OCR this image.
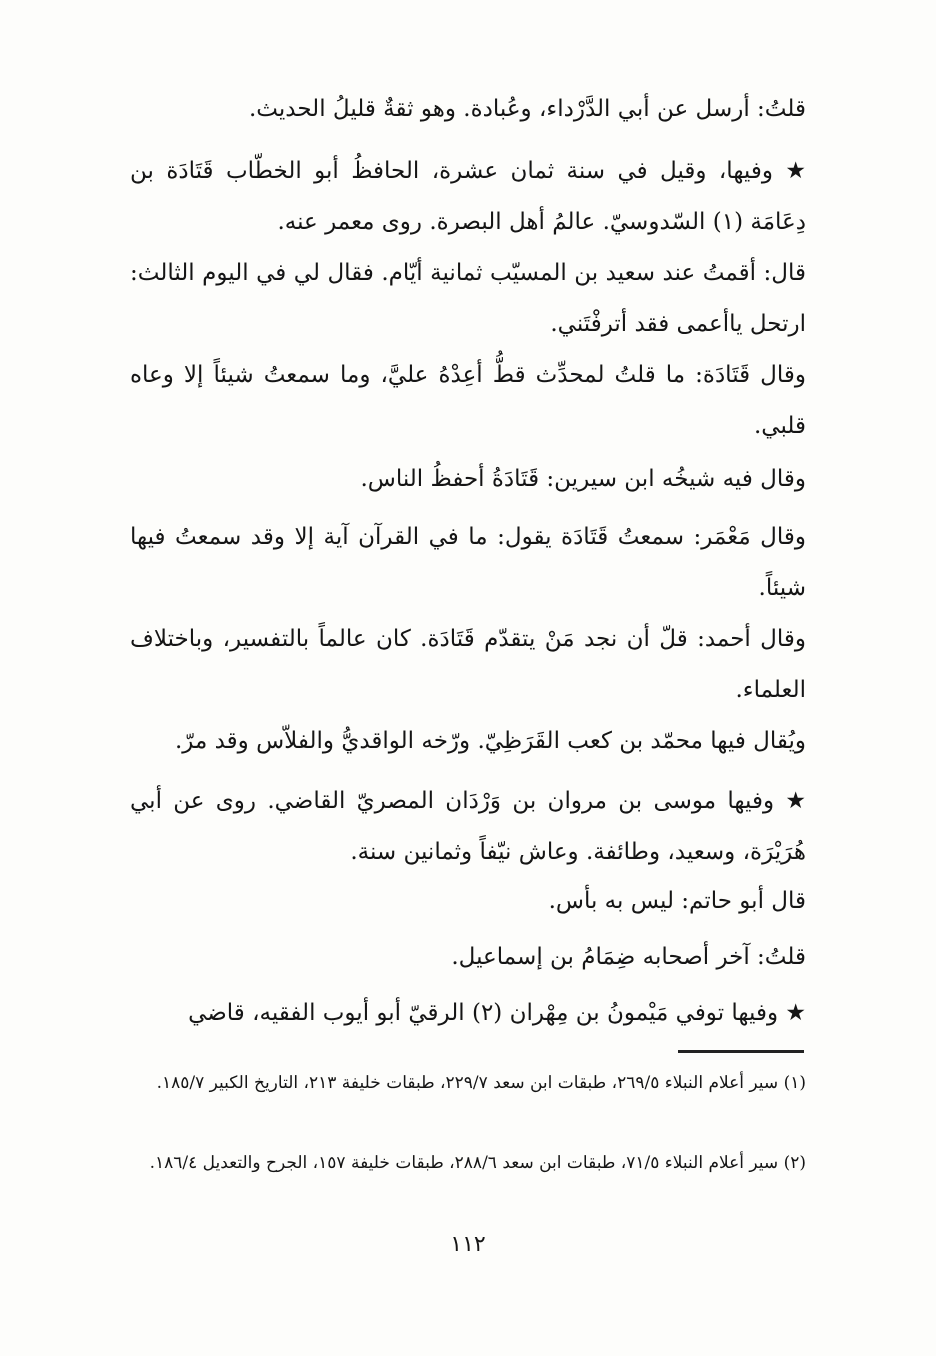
قلتُ: أرسل عن أبي الدَّرْداء، وعُبادة. وهو ثقةٌ قليلُ الحديث.

★ وفيها، وقيل في سنة ثمان عشرة، الحافظُ أبو الخطّاب قَتَادَة بن دِعَامَة (١) السّدوسيّ. عالمُ أهل البصرة. روى معمر عنه.

قال: أقمتُ عند سعيد بن المسيّب ثمانية أيّام. فقال لي في اليوم الثالث: ارتحل ياأعمى فقد أترفْتَني.

وقال قَتَادَة: ما قلتُ لمحدِّث قطُّ أعِدْهُ عليَّ، وما سمعتُ شيئاً إلا وعاه قلبي.

وقال فيه شيخُه ابن سيرين: قَتَادَةُ أحفظُ الناس.

وقال مَعْمَر: سمعتُ قَتَادَة يقول: ما في القرآن آية إلا وقد سمعتُ فيها شيئاً.

وقال أحمد: قلّ أن نجد مَنْ يتقدّم قَتَادَة. كان عالماً بالتفسير، وباختلاف العلماء.

ويُقال فيها محمّد بن كعب القَرَظِيّ. ورّخه الواقديُّ والفلاّس وقد مرّ.

★ وفيها موسى بن مروان بن وَرْدَان المصريّ القاضي. روى عن أبي هُرَيْرَة، وسعيد، وطائفة. وعاش نيّفاً وثمانين سنة.

قال أبو حاتم: ليس به بأس.

قلتُ: آخر أصحابه ضِمَامُ بن إسماعيل.

★ وفيها توفي مَيْمونُ بن مِهْران (٢) الرقيّ أبو أيوب الفقيه، قاضي

(١) سير أعلام النبلاء ٢٦٩/٥، طبقات ابن سعد ٢٢٩/٧، طبقات خليفة ٢١٣، التاريخ الكبير ١٨٥/٧.

(٢) سير أعلام النبلاء ٧١/٥، طبقات ابن سعد ٢٨٨/٦، طبقات خليفة ١٥٧، الجرح والتعديل ١٨٦/٤.

١١٢
